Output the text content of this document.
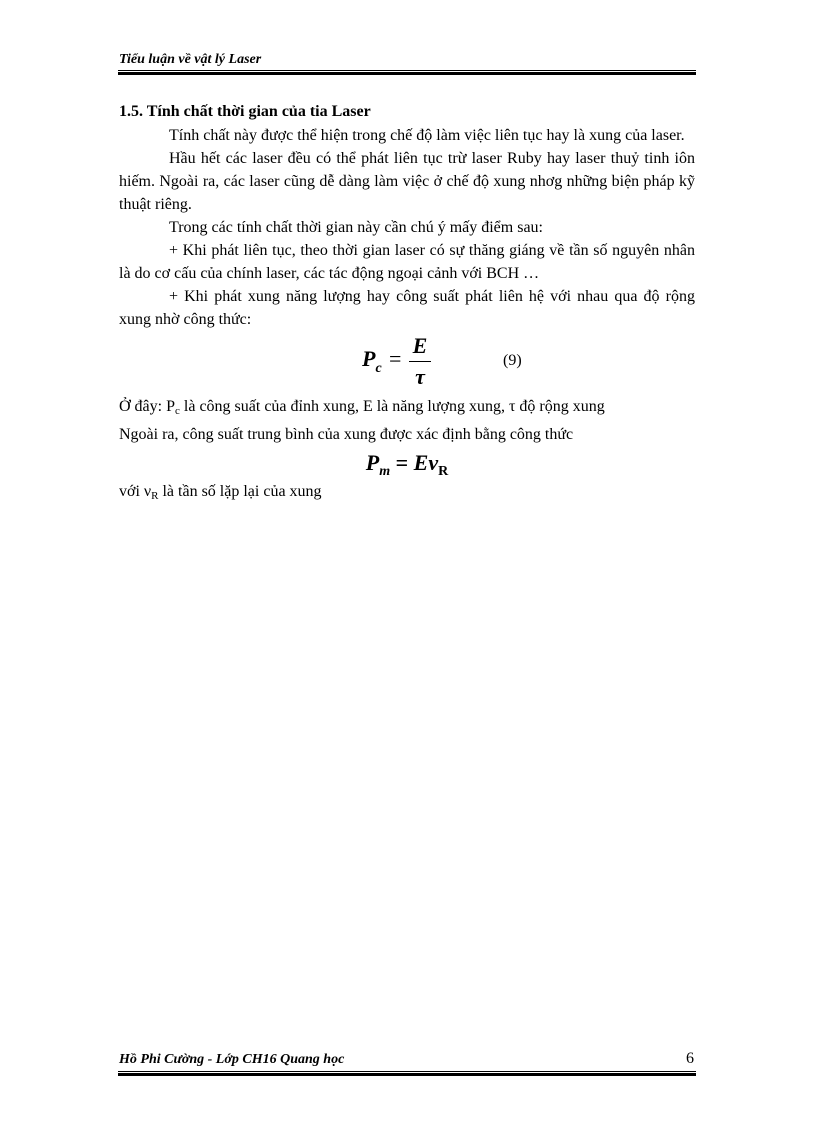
Tiểu luận về vật lý Laser
1.5. Tính chất thời gian của tia Laser

Tính chất này được thể hiện trong chế độ làm việc liên tục hay là xung của laser.

Hầu hết các laser đều có thể phát liên tục trừ laser Ruby hay laser thuỷ tinh iôn hiếm. Ngoài ra, các laser cũng dễ dàng làm việc ở chế độ xung nhơg những biện pháp kỹ thuật riêng.

Trong các tính chất thời gian này cần chú ý mấy điểm sau:

+ Khi phát liên tục, theo thời gian laser có sự thăng giáng về tần số nguyên nhân là do cơ cấu của chính laser, các tác động ngoại cảnh với BCH …

+ Khi phát xung năng lượng hay công suất phát liên hệ với nhau qua độ rộng xung nhờ công thức:

$P_c$ =
E
τ
(9)

Ở đây: $P_c$ là công suất của đỉnh xung, E là năng lượng xung, τ độ rộng xung

Ngoài ra, công suất trung bình của xung được xác định bằng công thức

$P_m = E\nu_R$

với $\nu_R$ là tần số lặp lại của xung

Hồ Phi Cường - Lớp CH16 Quang học	6
